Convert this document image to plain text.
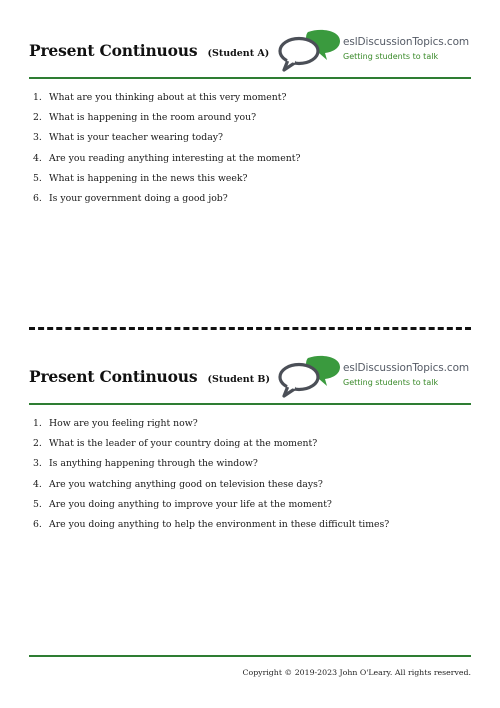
Present Continuous (Student A)
eslDiscussionTopics.com
Getting students to talk
1. What are you thinking about at this very moment?
2. What is happening in the room around you?
3. What is your teacher wearing today?
4. Are you reading anything interesting at the moment?
5. What is happening in the news this week?
6. Is your government doing a good job?
Present Continuous (Student B)
eslDiscussionTopics.com
Getting students to talk
1. How are you feeling right now?
2. What is the leader of your country doing at the moment?
3. Is anything happening through the window?
4. Are you watching anything good on television these days?
5. Are you doing anything to improve your life at the moment?
6. Are you doing anything to help the environment in these difficult times?
Copyright © 2019-2023 John O'Leary. All rights reserved.
